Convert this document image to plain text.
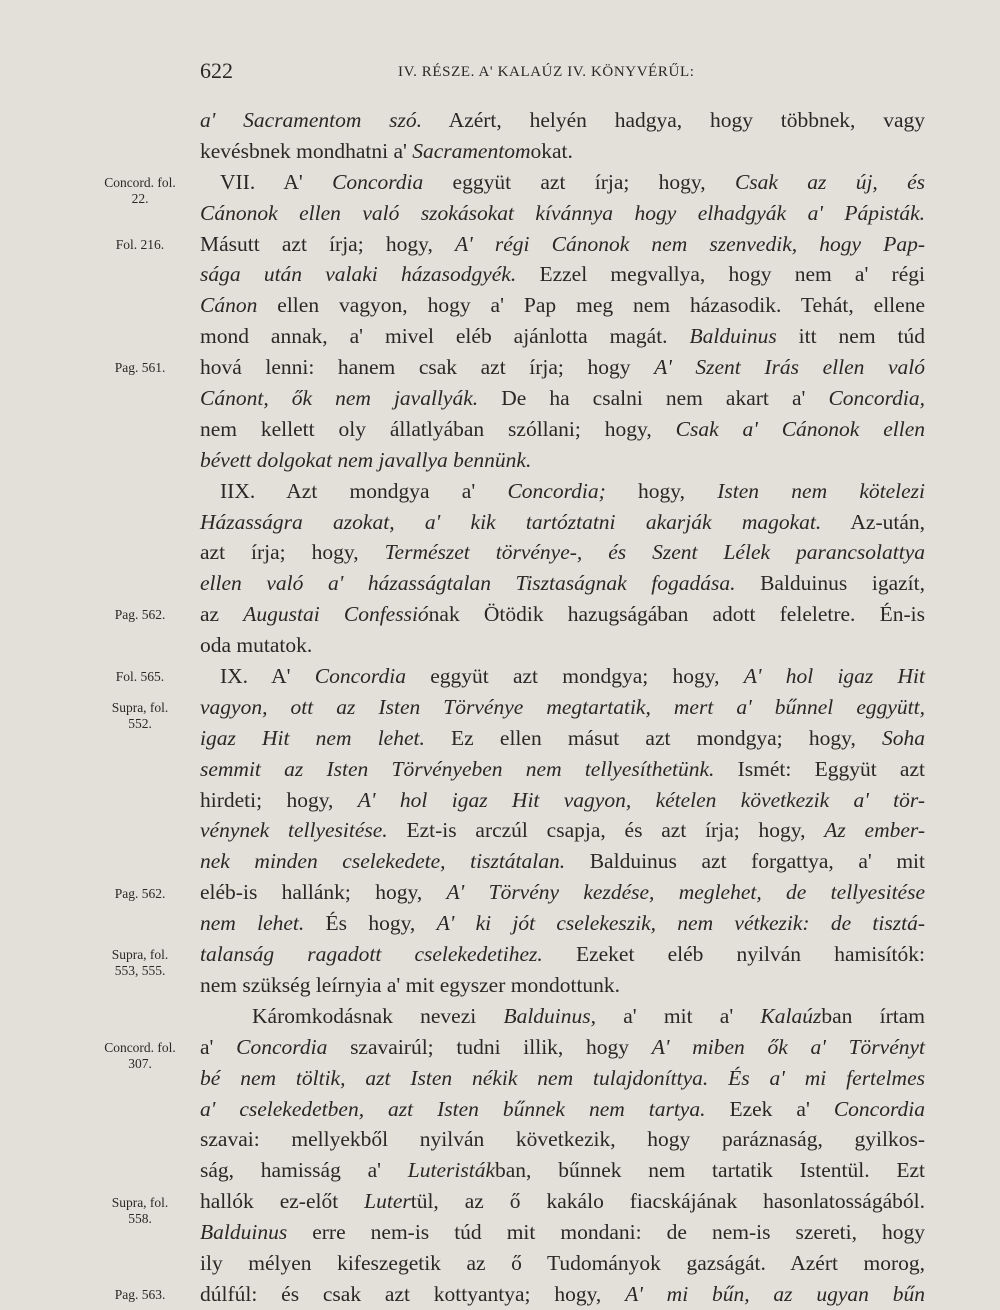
622	IV. RÉSZE. A' KALAÚZ IV. KÖNYVÉRŰL:
Concord. fol.
22.
Fol. 216.
Pag. 561.
Pag. 562.
Fol. 565.
Supra, fol.
552.
Pag. 562.
Supra, fol.
553, 555.
Concord. fol.
307.
Supra, fol.
558.
Pag. 563.
a' Sacramentom szó. Azért, helyén hadgya, hogy többnek, vagy
kevésbnek mondhatni a' Sacramentomokat.
VII. A' Concordia eggyüt azt írja; hogy, Csak az új, és
Cánonok ellen való szokásokat kívánnya hogy elhadgyák a' Pápisták.
Másutt azt írja; hogy, A' régi Cánonok nem szenvedik, hogy Pap-
sága után valaki házasodgyék. Ezzel megvallya, hogy nem a' régi
Cánon ellen vagyon, hogy a' Pap meg nem házasodik. Tehát, ellene
mond annak, a' mivel eléb ajánlotta magát. Balduinus itt nem túd
hová lenni: hanem csak azt írja; hogy A' Szent Irás ellen való
Cánont, ők nem javallyák. De ha csalni nem akart a' Concordia,
nem kellett oly állatlyában szóllani; hogy, Csak a' Cánonok ellen
bévett dolgokat nem javallya bennünk.
IIX. Azt mondgya a' Concordia; hogy, Isten nem kötelezi
Házasságra azokat, a' kik tartóztatni akarják magokat. Az-után,
azt írja; hogy, Természet törvénye-, és Szent Lélek parancsolattya
ellen való a' házasságtalan Tisztaságnak fogadása. Balduinus igazít,
az Augustai Confessiónak Ötödik hazugságában adott feleletre. Én-is
oda mutatok.
IX. A' Concordia eggyüt azt mondgya; hogy, A' hol igaz Hit
vagyon, ott az Isten Törvénye megtartatik, mert a' bűnnel eggyütt,
igaz Hit nem lehet. Ez ellen másut azt mondgya; hogy, Soha
semmit az Isten Törvényeben nem tellyesíthetünk. Ismét: Eggyüt azt
hirdeti; hogy, A' hol igaz Hit vagyon, kételen következik a' tör-
vénynek tellyesitése. Ezt-is arczúl csapja, és azt írja; hogy, Az ember-
nek minden cselekedete, tisztátalan. Balduinus azt forgattya, a' mit
eléb-is hallánk; hogy, A' Törvény kezdése, meglehet, de tellyesitése
nem lehet. És hogy, A' ki jót cselekeszik, nem vétkezik: de tisztá-
talanság ragadott cselekedetihez. Ezeket eléb nyilván hamisítók:
nem szükség leírnyia a' mit egyszer mondottunk.
Káromkodásnak nevezi Balduinus, a' mit a' Kalaúzban írtam
a' Concordia szavairúl; tudni illik, hogy A' miben ők a' Törvényt
bé nem töltik, azt Isten nékik nem tulajdoníttya. És a' mi fertelmes
a' cselekedetben, azt Isten bűnnek nem tartya. Ezek a' Concordia
szavai: mellyekből nyilván következik, hogy paráznaság, gyilkos-
ság, hamisság a' Luteristákban, bűnnek nem tartatik Istentül. Ezt
hallók ez-előt Lutertül, az ő kakálo fiacskájának hasonlatosságából.
Balduinus erre nem-is túd mit mondani: de nem-is szereti, hogy
ily mélyen kifeszegetik az ő Tudományok gazságát. Azért morog,
dúlfúl: és csak azt kottyantya; hogy, A' mi bűn, az ugyan bűn
